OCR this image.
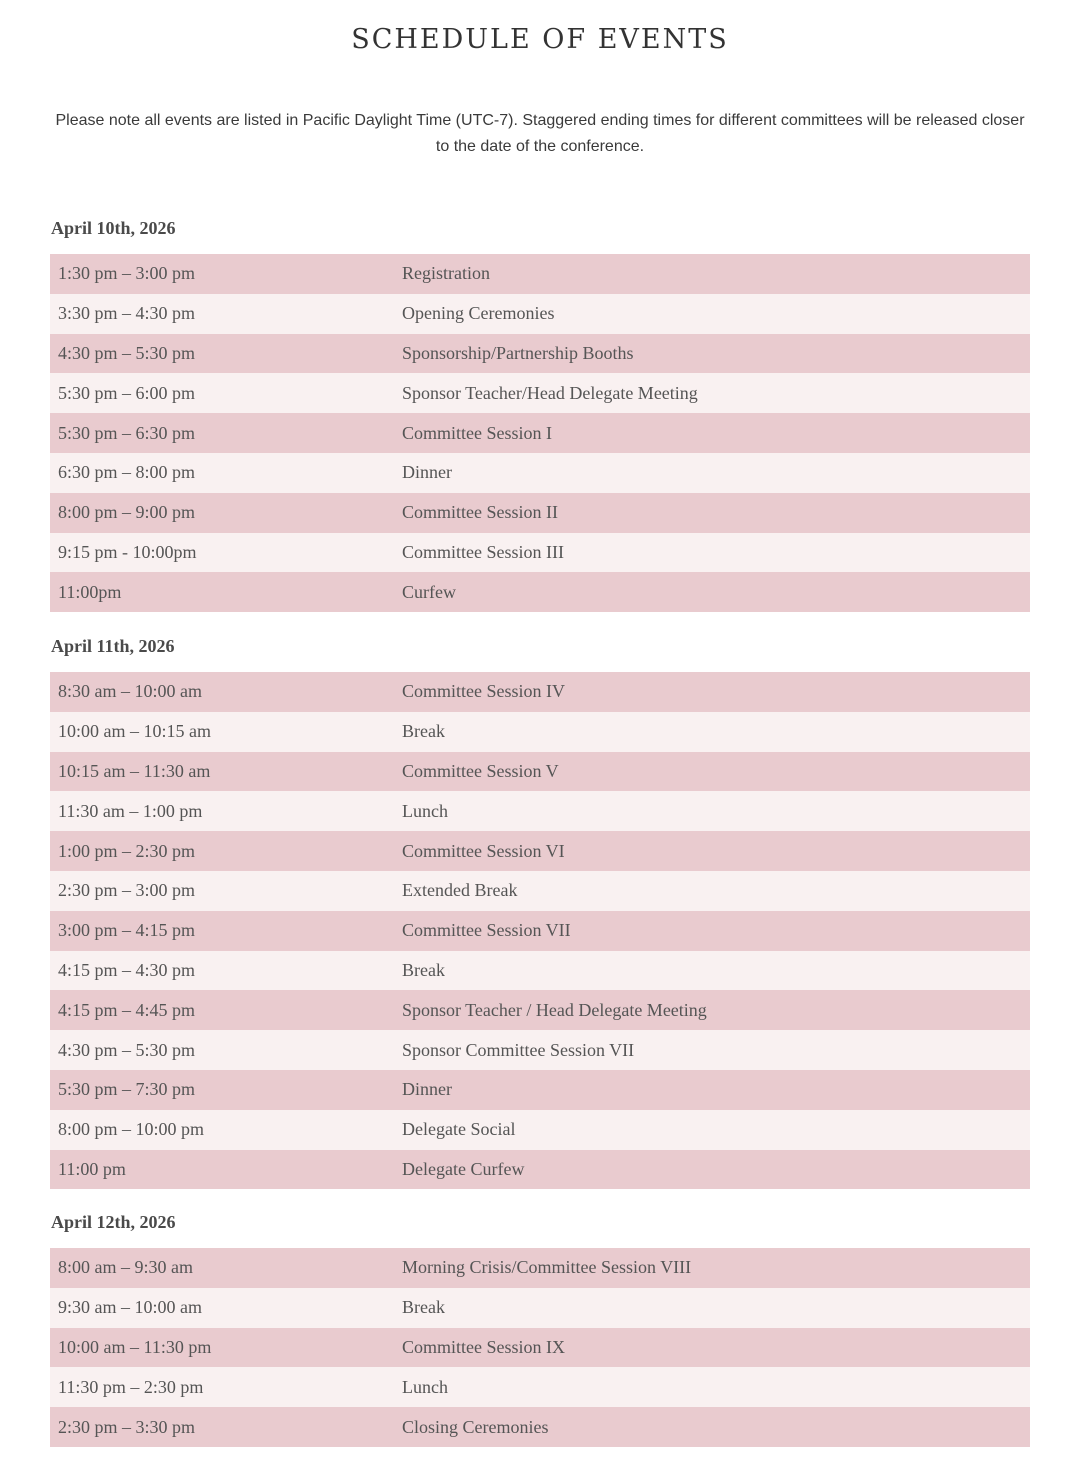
SCHEDULE OF EVENTS

Please note all events are listed in Pacific Daylight Time (UTC-7). Staggered ending times for different committees will be released closer to the date of the conference.

April 10th, 2026
1:30 pm – 3:00 pm	Registration
3:30 pm – 4:30 pm	Opening Ceremonies
4:30 pm – 5:30 pm	Sponsorship/Partnership Booths
5:30 pm – 6:00 pm	Sponsor Teacher/Head Delegate Meeting
5:30 pm – 6:30 pm	Committee Session I
6:30 pm – 8:00 pm	Dinner
8:00 pm – 9:00 pm	Committee Session II
9:15 pm - 10:00pm	Committee Session III
11:00pm	Curfew
April 11th, 2026
8:30 am – 10:00 am	Committee Session IV
10:00 am – 10:15 am	Break
10:15 am – 11:30 am	Committee Session V
11:30 am – 1:00 pm	Lunch
1:00 pm – 2:30 pm	Committee Session VI
2:30 pm – 3:00 pm	Extended Break
3:00 pm – 4:15 pm	Committee Session VII
4:15 pm – 4:30 pm	Break
4:15 pm – 4:45 pm	Sponsor Teacher / Head Delegate Meeting
4:30 pm – 5:30 pm	Sponsor Committee Session VII
5:30 pm – 7:30 pm	Dinner
8:00 pm – 10:00 pm	Delegate Social
11:00 pm	Delegate Curfew
April 12th, 2026
8:00 am – 9:30 am	Morning Crisis/Committee Session VIII
9:30 am – 10:00 am	Break
10:00 am – 11:30 pm	Committee Session IX
11:30 pm – 2:30 pm	Lunch
2:30 pm – 3:30 pm	Closing Ceremonies
